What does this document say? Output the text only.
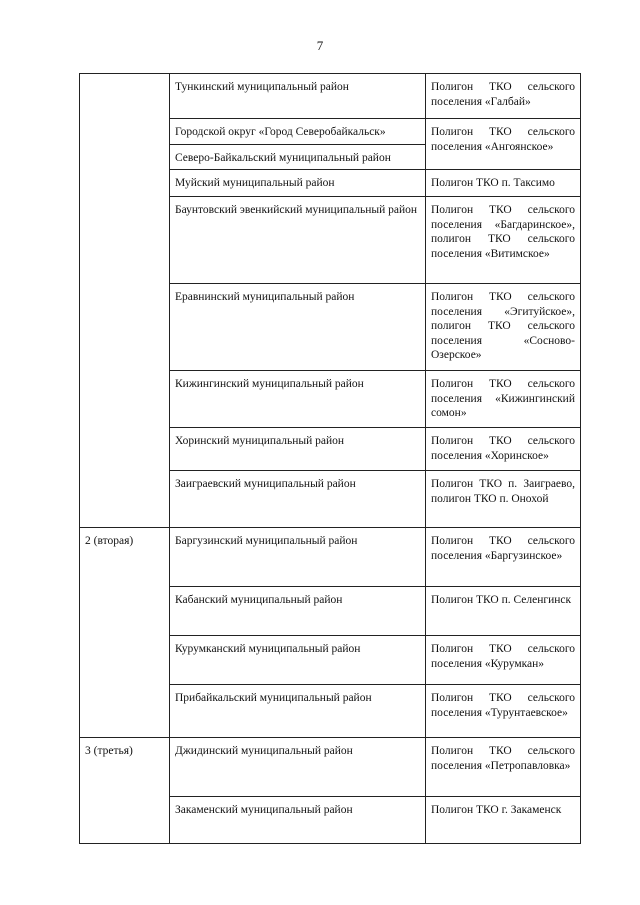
7
	Тункинский муниципальный район	Полигон ТКО сельского поселения «Галбай»
	Городской округ «Город Северобайкальск»	Полигон ТКО сельского поселения «Ангоянское»
	Северо-Байкальский муниципальный район	
	Муйский муниципальный район	Полигон ТКО п. Таксимо
	Баунтовский эвенкийский муниципальный район	Полигон ТКО сельского поселения «Багдаринское», полигон ТКО сельского поселения «Витимское»
	Еравнинский муниципальный район	Полигон ТКО сельского поселения «Эгитуйское», полигон ТКО сельского поселения «Сосново-Озерское»
	Кижингинский муниципальный район	Полигон ТКО сельского поселения «Кижингинский сомон»
	Хоринский муниципальный район	Полигон ТКО сельского поселения «Хоринское»
	Заиграевский муниципальный район	Полигон ТКО п. Заиграево, полигон ТКО п. Онохой
2 (вторая)	Баргузинский муниципальный район	Полигон ТКО сельского поселения «Баргузинское»
	Кабанский муниципальный район	Полигон ТКО п. Селенгинск
	Курумканский муниципальный район	Полигон ТКО сельского поселения «Курумкан»
	Прибайкальский муниципальный район	Полигон ТКО сельского поселения «Турунтаевское»
3 (третья)	Джидинский муниципальный район	Полигон ТКО сельского поселения «Петропавловка»
	Закаменский муниципальный район	Полигон ТКО г. Закаменск
